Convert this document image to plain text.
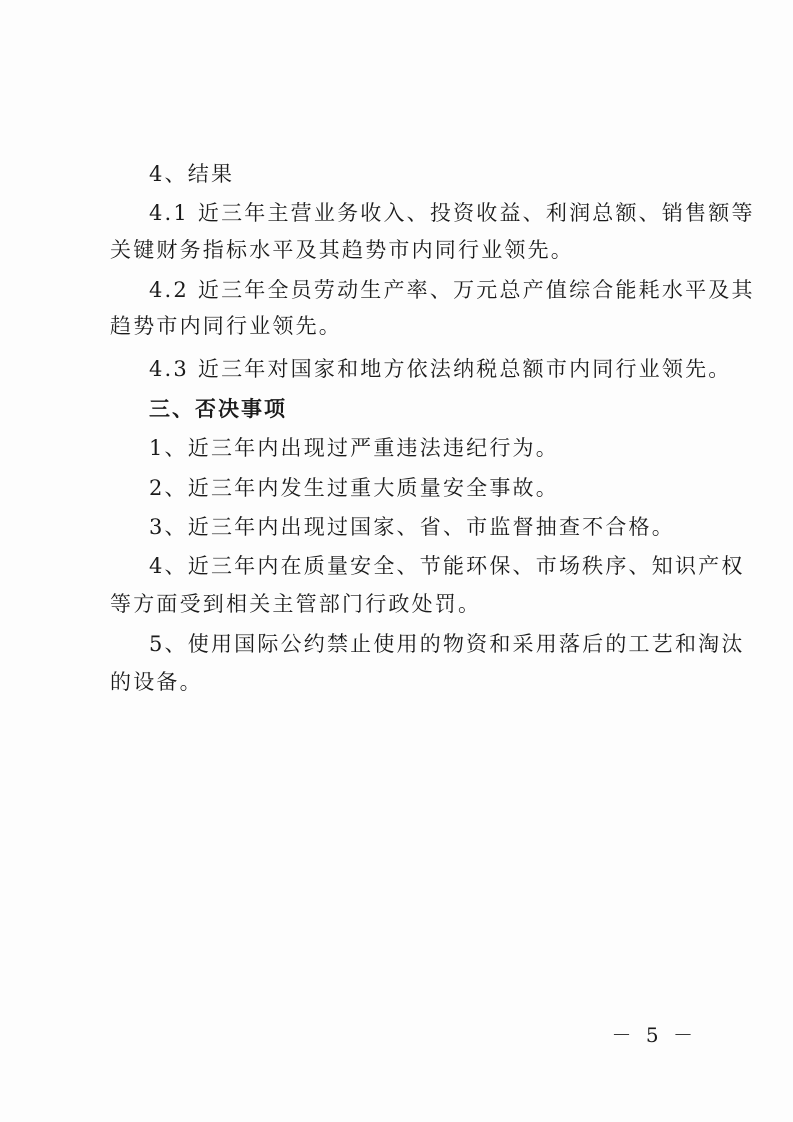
4、结果
4.1 近三年主营业务收入、投资收益、利润总额、销售额等
关键财务指标水平及其趋势市内同行业领先。
4.2 近三年全员劳动生产率、万元总产值综合能耗水平及其
趋势市内同行业领先。
4.3 近三年对国家和地方依法纳税总额市内同行业领先。
三、否决事项
1、近三年内出现过严重违法违纪行为。
2、近三年内发生过重大质量安全事故。
3、近三年内出现过国家、省、市监督抽查不合格。
4、近三年内在质量安全、节能环保、市场秩序、知识产权
等方面受到相关主管部门行政处罚。
5、使用国际公约禁止使用的物资和采用落后的工艺和淘汰
的设备。
－ 5 －
